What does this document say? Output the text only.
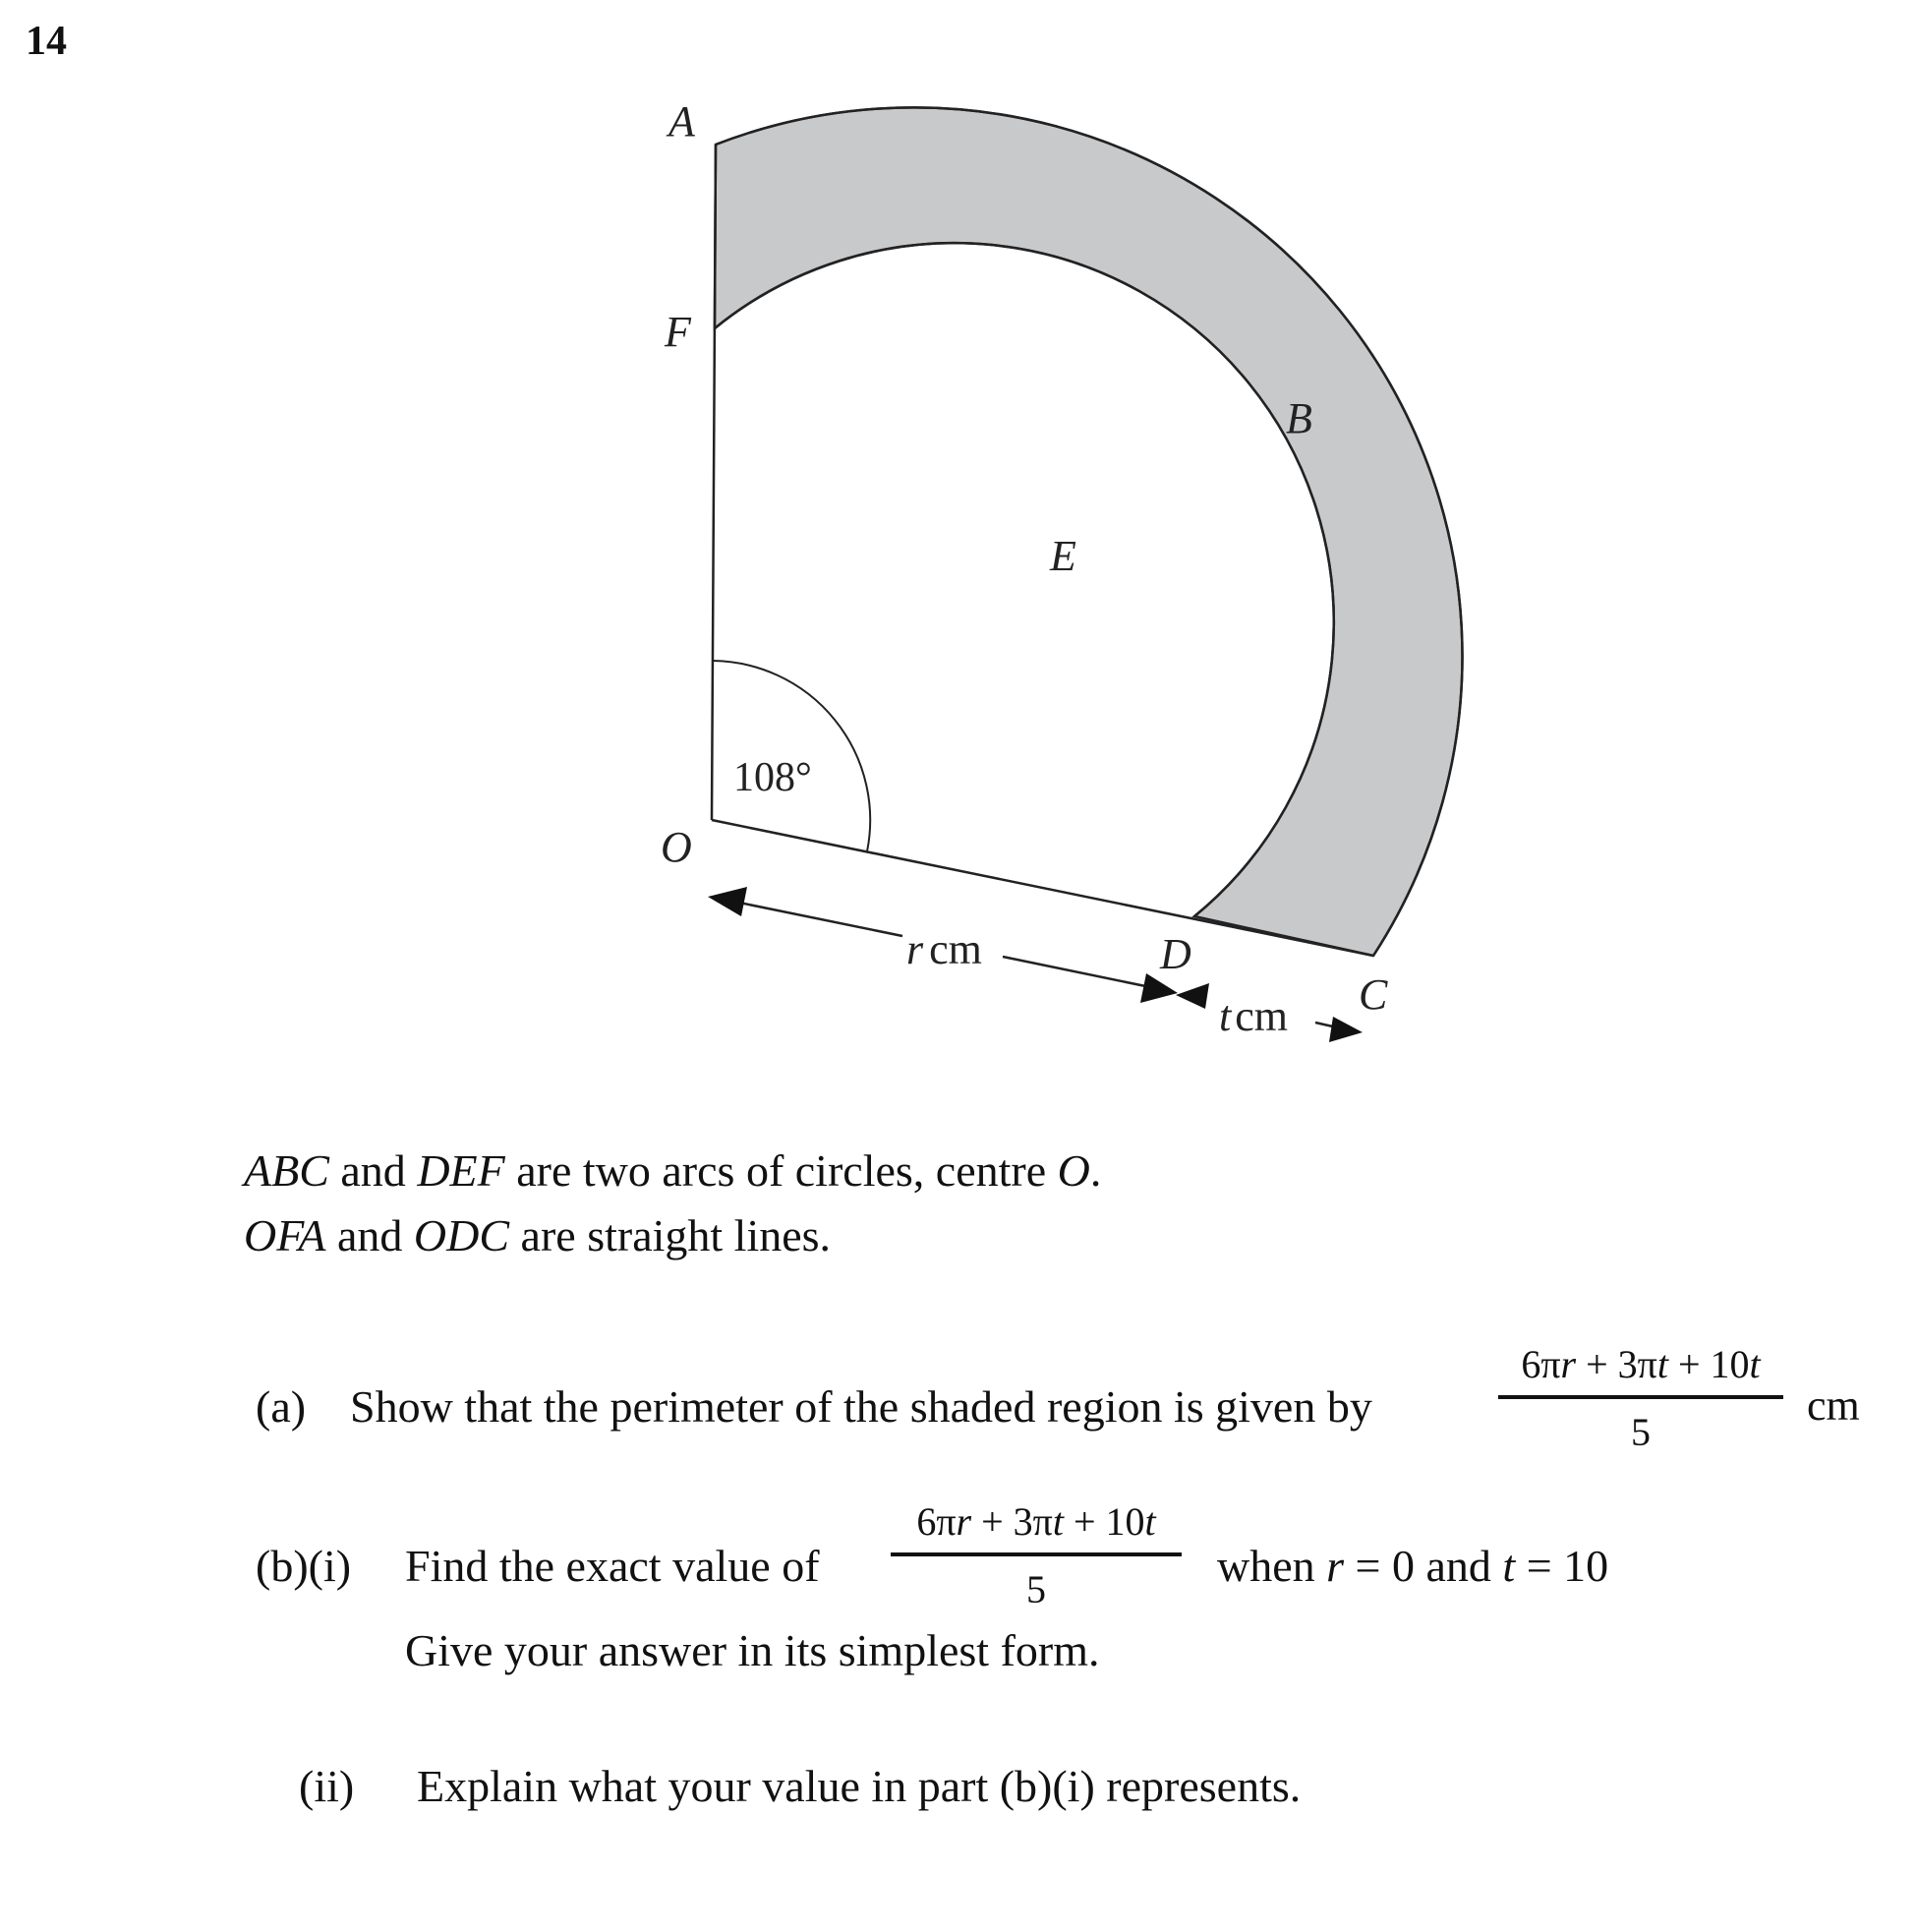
14
A
F
B
E
O
D
C
108°
r cm
tcm
ABC and DEF are two arcs of circles, centre O.
OFA and ODC are straight lines.
(a) Show that the perimeter of the shaded region is given by
6πr + 3πt + 10t
5
cm
(b)(i) Find the exact value of
6πr + 3πt + 10t
5	when r = 0 and t = 10
Give your answer in its simplest form.
(ii) Explain what your value in part (b)(i) represents.
